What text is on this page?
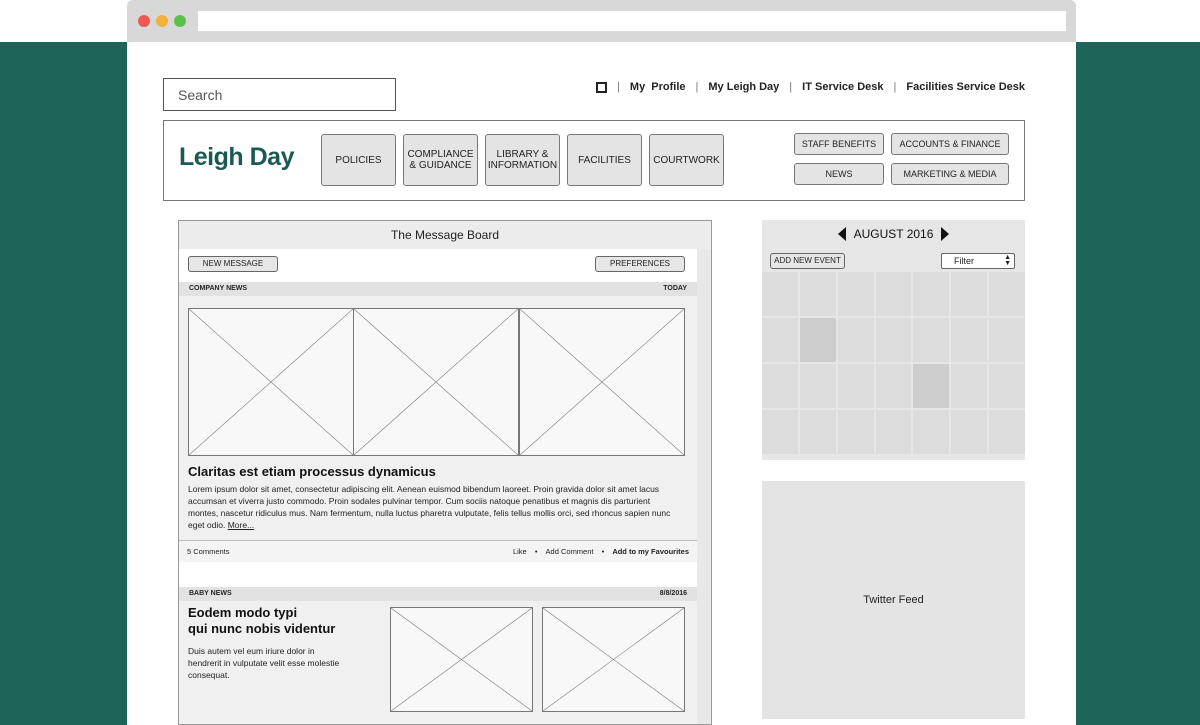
Search
| My  Profile | My Leigh Day | IT Service Desk | Facilities Service Desk
Leigh Day	POLICIES	COMPLIANCE & GUIDANCE
LIBRARY & INFORMATION	FACILITIES	COURTWORK
STAFF BENEFITS	ACCOUNTS & FINANCE
NEWS	MARKETING & MEDIA
The Message Board
NEW MESSAGE	PREFERENCES
COMPANY NEWS	TODAY
Claritas est etiam processus dynamicus
Lorem ipsum dolor sit amet, consectetur adipiscing elit. Aenean euismod bibendum laoreet. Proin gravida dolor sit amet lacus accumsan et viverra justo commodo. Proin sodales pulvinar tempor. Cum sociis natoque penatibus et magnis dis parturient montes, nascetur ridiculus mus. Nam fermentum, nulla luctus pharetra vulputate, felis tellus mollis orci, sed rhoncus sapien nunc eget odio. More...
5 Comments	Like • Add Comment • Add to my Favourites
BABY NEWS	8/8/2016
Eodem modo typi
qui nunc nobis videntur
Duis autem vel eum iriure dolor in hendrerit in vulputate velit esse molestie consequat.
AUGUST 2016
ADD NEW EVENT	Filter	▲
▼
Twitter Feed
